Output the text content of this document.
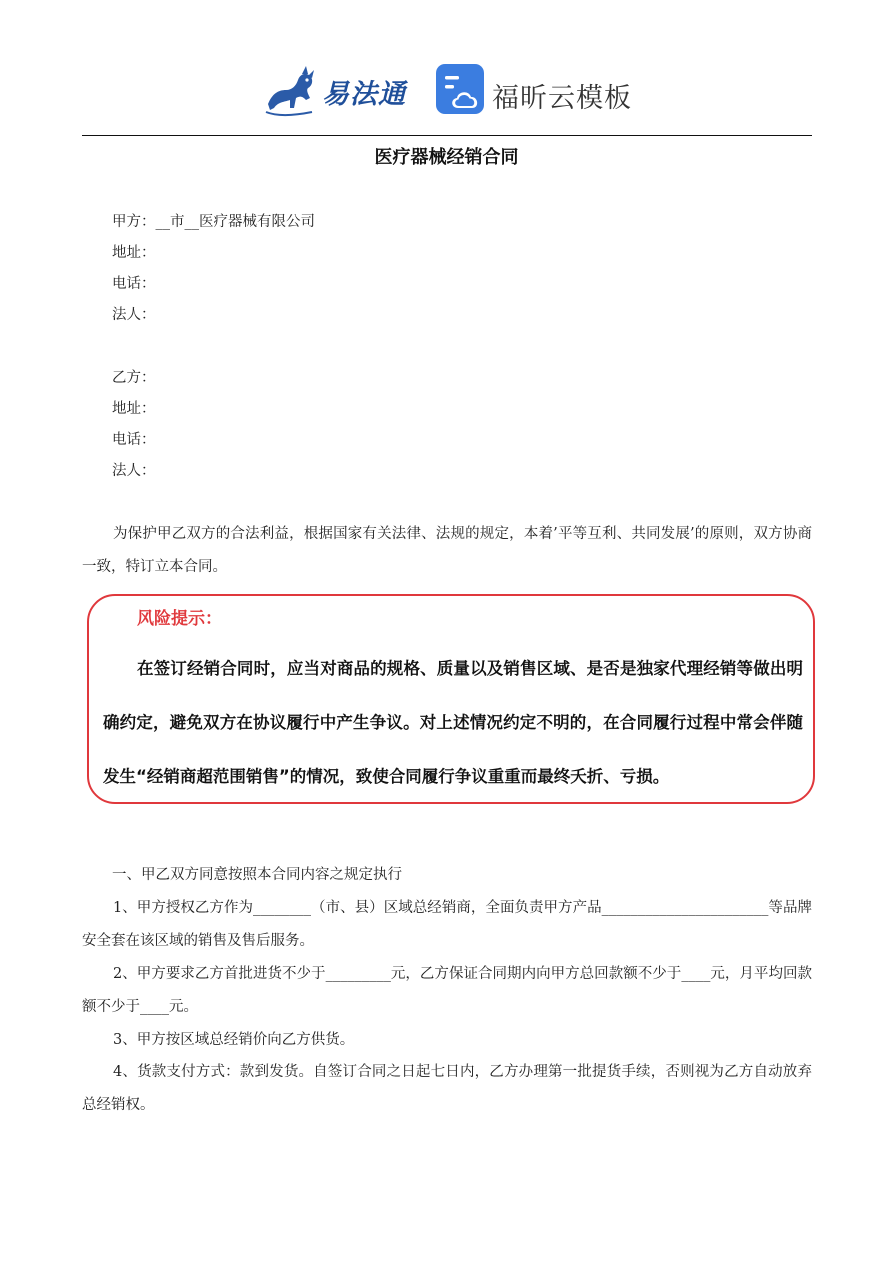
易法通	福昕云模板
医疗器械经销合同
甲方：__市__医疗器械有限公司
地址：
电话：
法人：
乙方：
地址：
电话：
法人：
为保护甲乙双方的合法利益，根据国家有关法律、法规的规定，本着’平等互利、共同发展’的原则，双方协商一致，特订立本合同。
风险提示：
在签订经销合同时，应当对商品的规格、质量以及销售区域、是否是独家代理经销等做出明确约定，避免双方在协议履行中产生争议。对上述情况约定不明的，在合同履行过程中常会伴随发生“经销商超范围销售”的情况，致使合同履行争议重重而最终夭折、亏损。
一、甲乙双方同意按照本合同内容之规定执行
1、甲方授权乙方作为________（市、县）区域总经销商，全面负责甲方产品_______________________等品牌安全套在该区域的销售及售后服务。
2、甲方要求乙方首批进货不少于_________元，乙方保证合同期内向甲方总回款额不少于____元，月平均回款额不少于____元。
3、甲方按区域总经销价向乙方供货。
4、货款支付方式：款到发货。自签订合同之日起七日内，乙方办理第一批提货手续，否则视为乙方自动放弃总经销权。
